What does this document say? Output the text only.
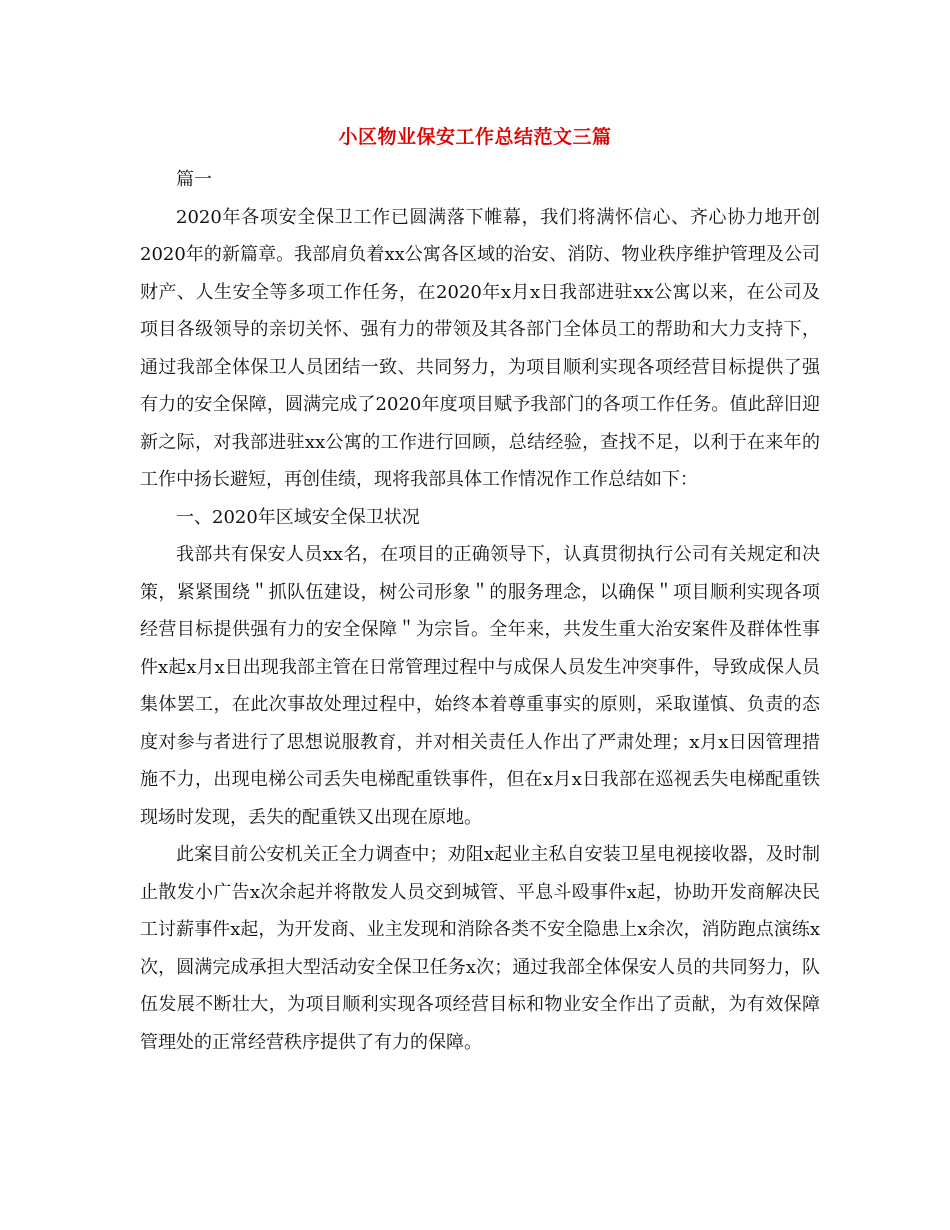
小区物业保安工作总结范文三篇

篇一

2020年各项安全保卫工作已圆满落下帷幕，我们将满怀信心、齐心协力地开创2020年的新篇章。我部肩负着xx公寓各区域的治安、消防、物业秩序维护管理及公司财产、人生安全等多项工作任务，在2020年x月x日我部进驻xx公寓以来，在公司及项目各级领导的亲切关怀、强有力的带领及其各部门全体员工的帮助和大力支持下，通过我部全体保卫人员团结一致、共同努力，为项目顺利实现各项经营目标提供了强有力的安全保障，圆满完成了2020年度项目赋予我部门的各项工作任务。值此辞旧迎新之际，对我部进驻xx公寓的工作进行回顾，总结经验，查找不足，以利于在来年的工作中扬长避短，再创佳绩，现将我部具体工作情况作工作总结如下：

一、2020年区域安全保卫状况

我部共有保安人员xx名，在项目的正确领导下，认真贯彻执行公司有关规定和决策，紧紧围绕＂抓队伍建设，树公司形象＂的服务理念，以确保＂项目顺利实现各项经营目标提供强有力的安全保障＂为宗旨。全年来，共发生重大治安案件及群体性事件x起x月x日出现我部主管在日常管理过程中与成保人员发生冲突事件，导致成保人员集体罢工，在此次事故处理过程中，始终本着尊重事实的原则，采取谨慎、负责的态度对参与者进行了思想说服教育，并对相关责任人作出了严肃处理；x月x日因管理措施不力，出现电梯公司丢失电梯配重铁事件，但在x月x日我部在巡视丢失电梯配重铁现场时发现，丢失的配重铁又出现在原地。

此案目前公安机关正全力调查中；劝阻x起业主私自安装卫星电视接收器，及时制止散发小广告x次余起并将散发人员交到城管、平息斗殴事件x起，协助开发商解决民工讨薪事件x起，为开发商、业主发现和消除各类不安全隐患上x余次，消防跑点演练x次，圆满完成承担大型活动安全保卫任务x次；通过我部全体保安人员的共同努力，队伍发展不断壮大，为项目顺利实现各项经营目标和物业安全作出了贡献，为有效保障管理处的正常经营秩序提供了有力的保障。
